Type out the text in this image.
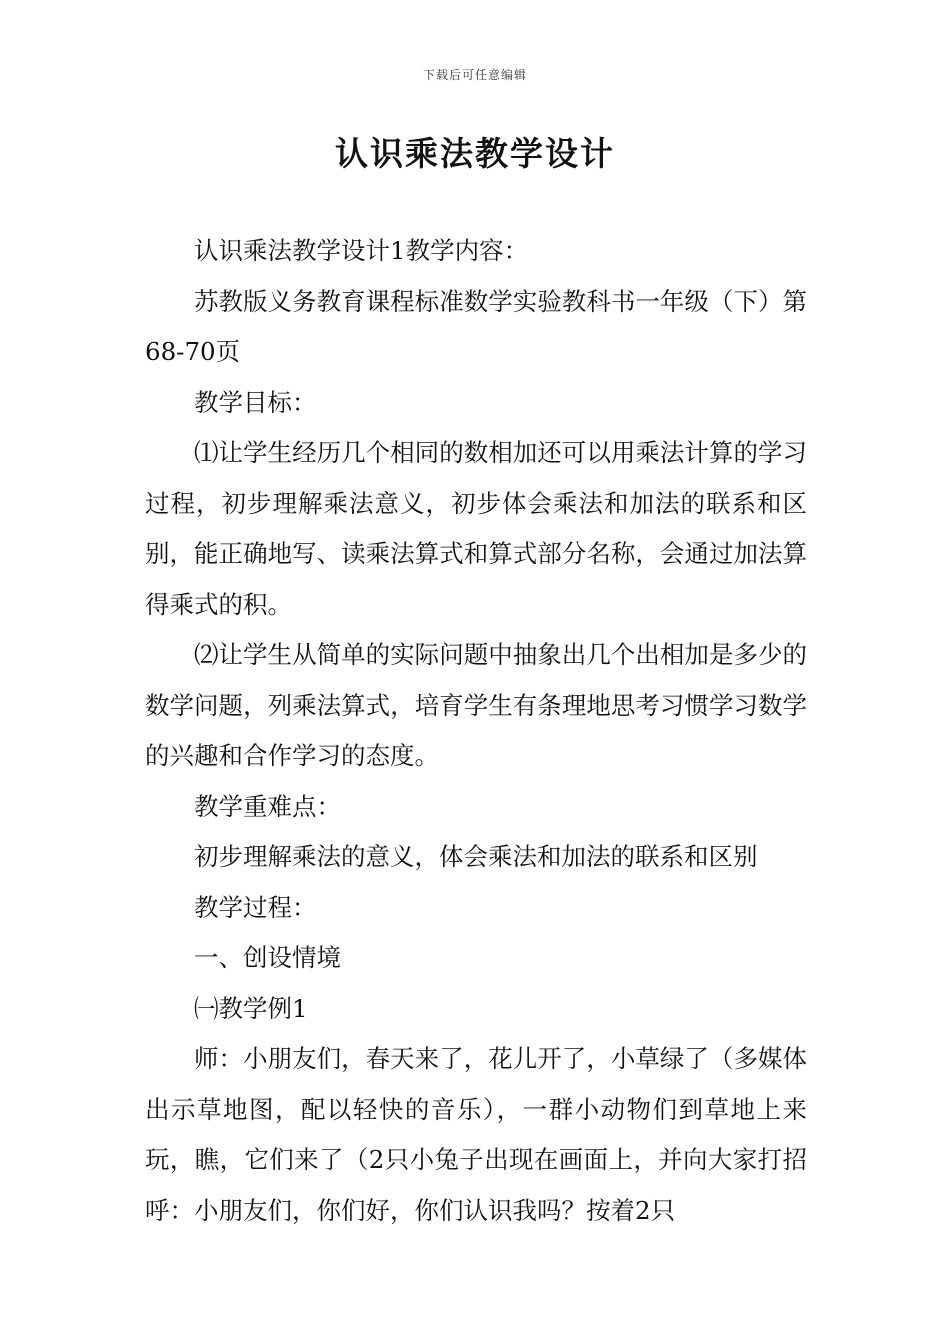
下载后可任意编辑
认识乘法教学设计

认识乘法教学设计1教学内容：

苏教版义务教育课程标准数学实验教科书一年级（下）第68-70页

教学目标：

⑴让学生经历几个相同的数相加还可以用乘法计算的学习过程，初步理解乘法意义，初步体会乘法和加法的联系和区别，能正确地写、读乘法算式和算式部分名称，会通过加法算得乘式的积。

⑵让学生从简单的实际问题中抽象出几个出相加是多少的数学问题，列乘法算式，培育学生有条理地思考习惯学习数学的兴趣和合作学习的态度。

教学重难点：

初步理解乘法的意义，体会乘法和加法的联系和区别

教学过程：

一、创设情境

㈠教学例1

师：小朋友们，春天来了，花儿开了，小草绿了（多媒体出示草地图，配以轻快的音乐），一群小动物们到草地上来玩，瞧，它们来了（2只小兔子出现在画面上，并向大家打招呼：小朋友们，你们好，你们认识我吗？按着2只
